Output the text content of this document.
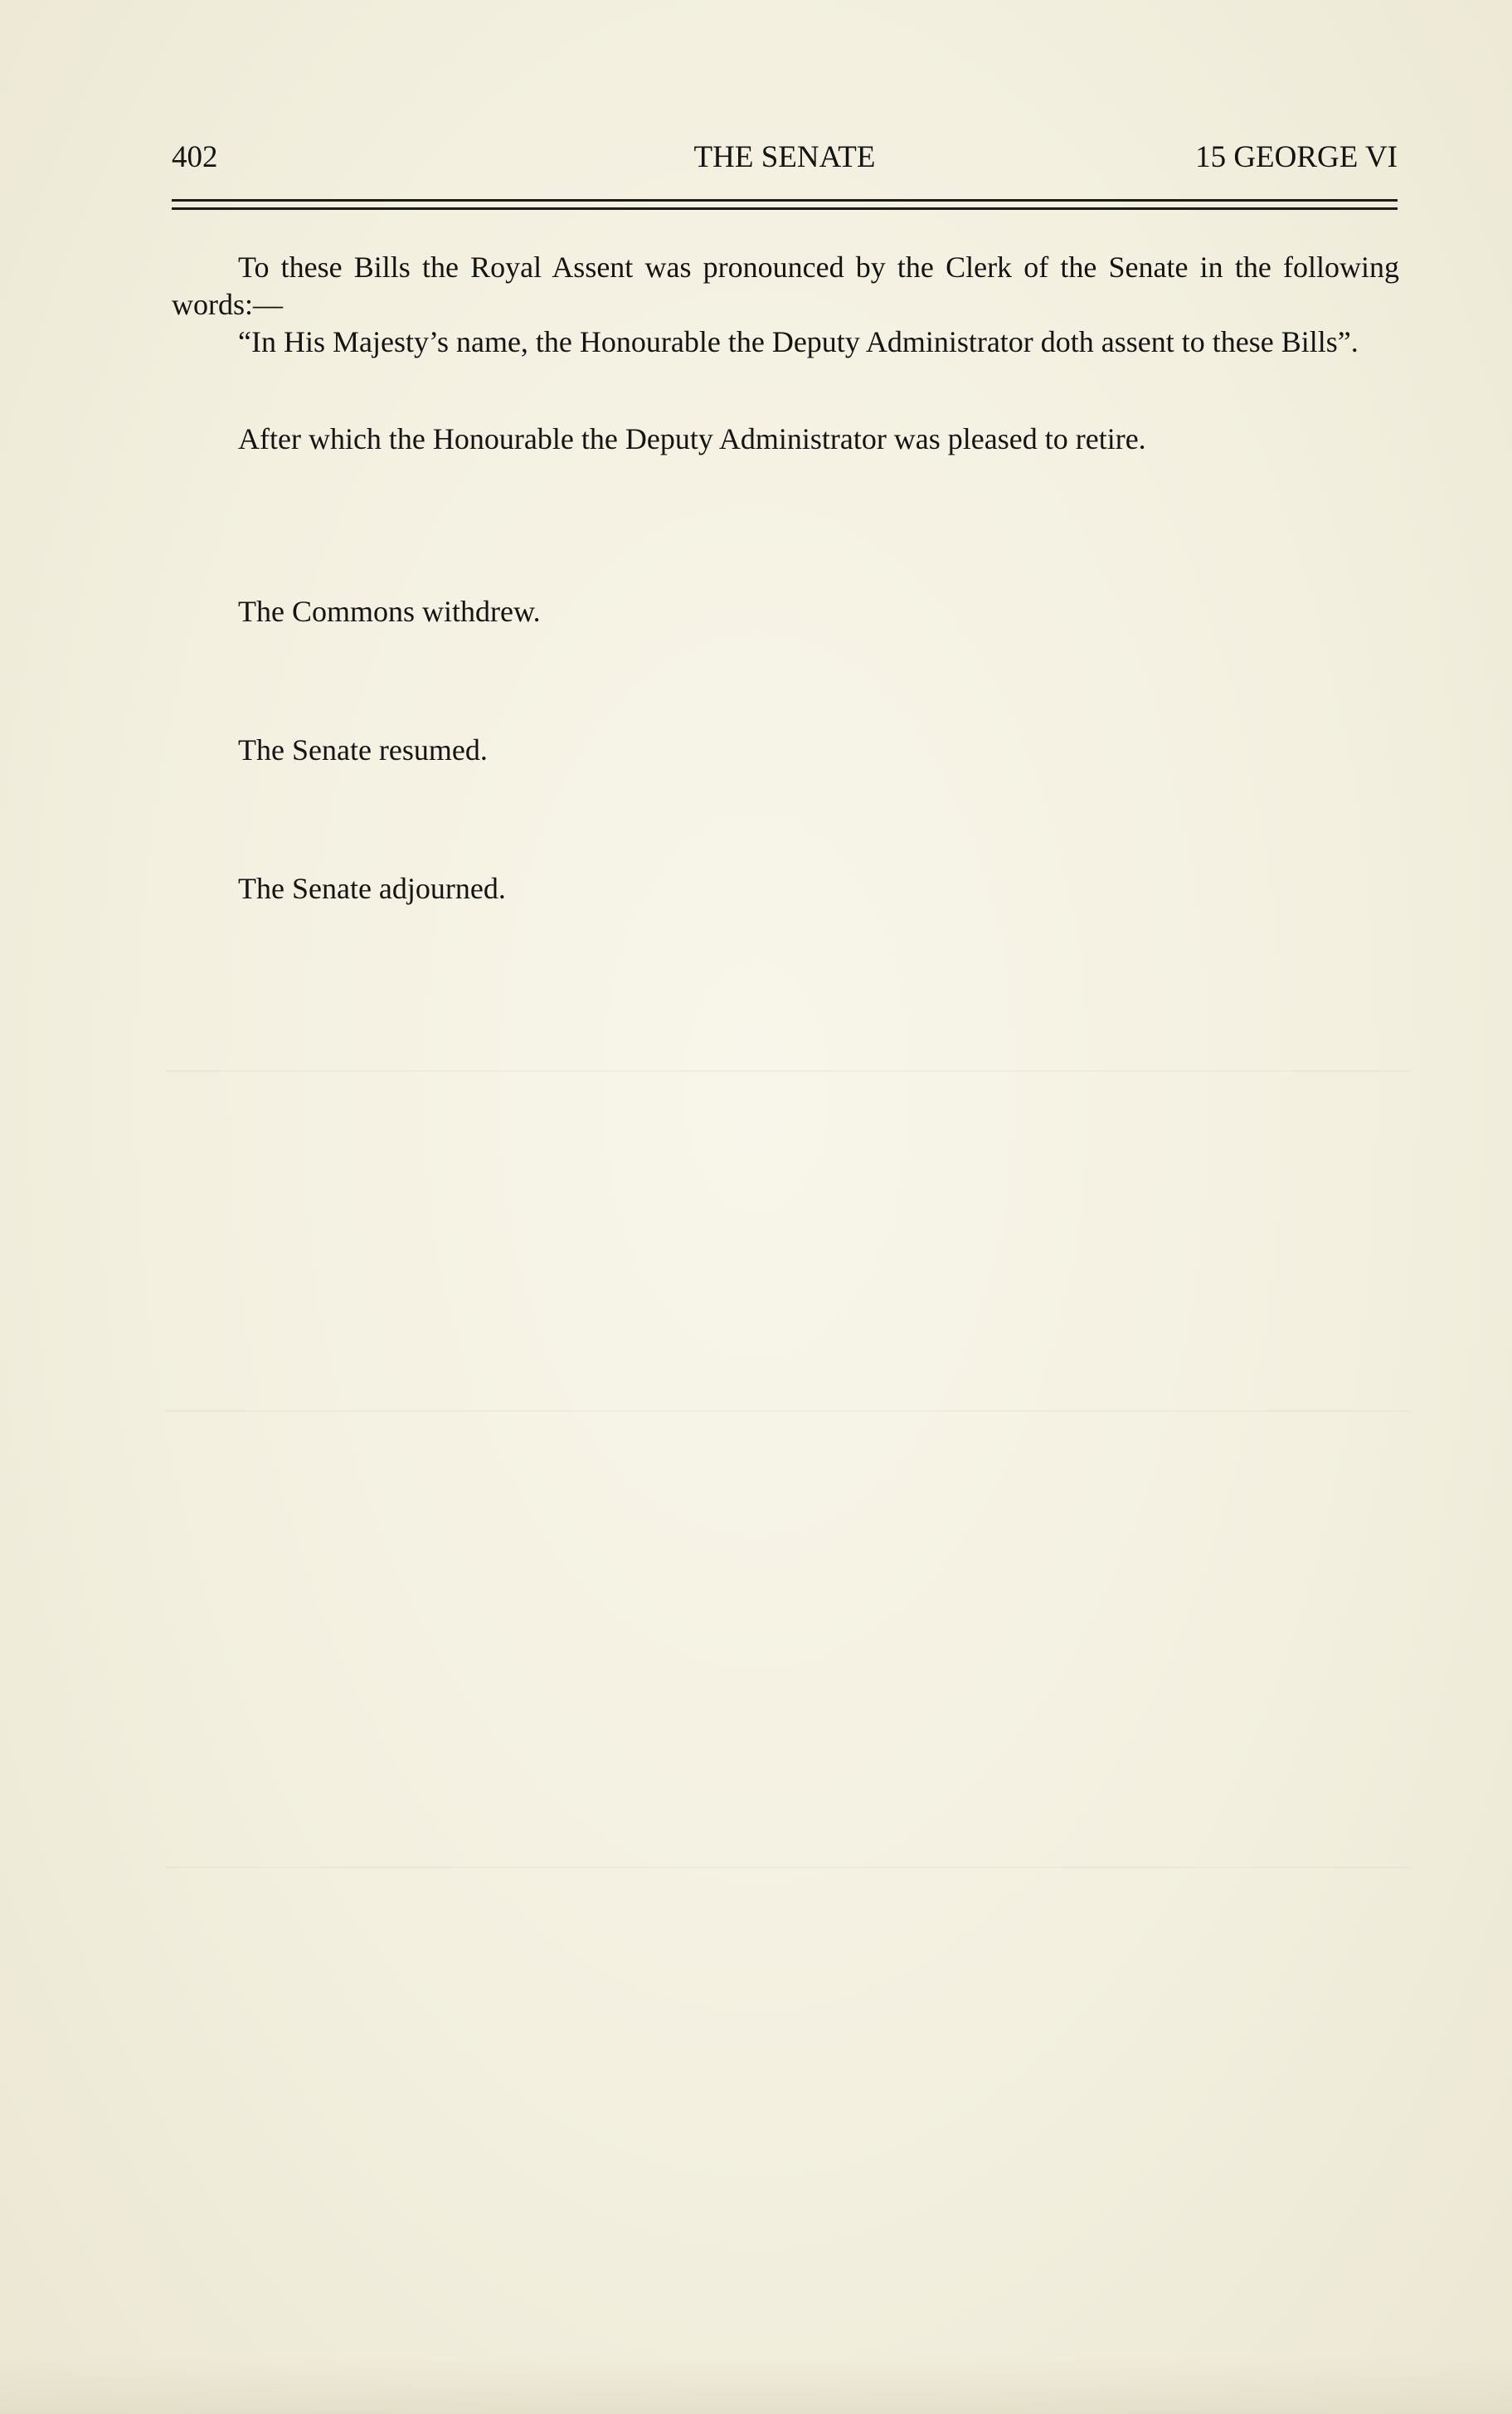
402	THE SENATE	15 GEORGE VI
To these Bills the Royal Assent was pronounced by the Clerk of the Senate in the following words:—
“In His Majesty’s name, the Honourable the Deputy Administrator doth assent to these Bills”.
After which the Honourable the Deputy Administrator was pleased to retire.
The Commons withdrew.
The Senate resumed.
The Senate adjourned.
